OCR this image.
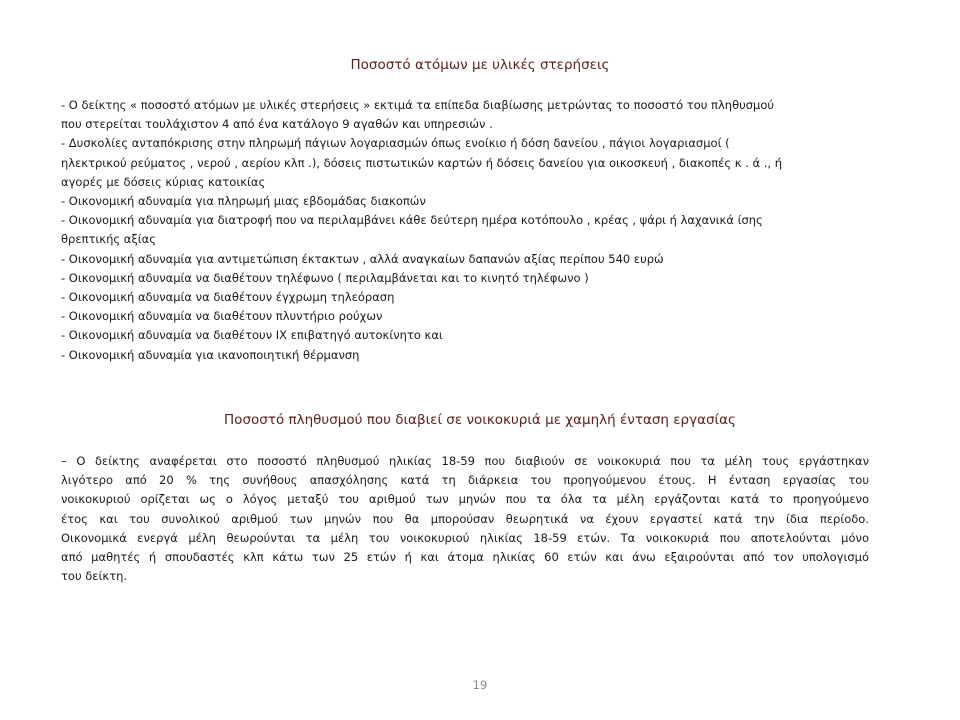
Ποσοστό ατόμων με υλικές στερήσεις
- Ο δείκτης « ποσοστό ατόμων με υλικές στερήσεις » εκτιμά τα επίπεδα διαβίωσης μετρώντας το ποσοστό του πληθυσμού
που στερείται τουλάχιστον 4 από ένα κατάλογο 9 αγαθών και υπηρεσιών .
- Δυσκολίες ανταπόκρισης στην πληρωμή πάγιων λογαριασμών όπως ενοίκιο ή δόση δανείου , πάγιοι λογαριασμοί (
ηλεκτρικού ρεύματος , νερού , αερίου κλπ .), δόσεις πιστωτικών καρτών ή δόσεις δανείου για οικοσκευή , διακοπές κ . ά ., ή
αγορές με δόσεις κύριας κατοικίας
- Οικονομική αδυναμία για πληρωμή μιας εβδομάδας διακοπών
- Οικονομική αδυναμία για διατροφή που να περιλαμβάνει κάθε δεύτερη ημέρα κοτόπουλο , κρέας , ψάρι ή λαχανικά ίσης
θρεπτικής αξίας
- Οικονομική αδυναμία για αντιμετώπιση έκτακτων , αλλά αναγκαίων δαπανών αξίας περίπου 540 ευρώ
- Οικονομική αδυναμία να διαθέτουν τηλέφωνο ( περιλαμβάνεται και το κινητό τηλέφωνο )
- Οικονομική αδυναμία να διαθέτουν έγχρωμη τηλεόραση
- Οικονομική αδυναμία να διαθέτουν πλυντήριο ρούχων
- Οικονομική αδυναμία να διαθέτουν ΙΧ επιβατηγό αυτοκίνητο και
- Οικονομική αδυναμία για ικανοποιητική θέρμανση
Ποσοστό πληθυσμού που διαβιεί σε νοικοκυριά με χαμηλή ένταση εργασίας
– Ο δείκτης αναφέρεται στο ποσοστό πληθυσμού ηλικίας 18-59 που διαβιούν σε νοικοκυριά που τα μέλη τους εργάστηκαν
λιγότερο από 20 % της συνήθους απασχόλησης κατά τη διάρκεια του προηγούμενου έτους. Η ένταση εργασίας του
νοικοκυριού ορίζεται ως ο λόγος μεταξύ του αριθμού των μηνών που τα όλα τα μέλη εργάζονται κατά το προηγούμενο
έτος και του συνολικού αριθμού των μηνών που θα μπορούσαν θεωρητικά να έχουν εργαστεί κατά την ίδια περίοδο.
Οικονομικά ενεργά μέλη θεωρούνται τα μέλη του νοικοκυριού ηλικίας 18-59 ετών. Τα νοικοκυριά που αποτελούνται μόνο
από μαθητές ή σπουδαστές κλπ κάτω των 25 ετών ή και άτομα ηλικίας 60 ετών και άνω εξαιρούνται από τον υπολογισμό
του δείκτη.
19
